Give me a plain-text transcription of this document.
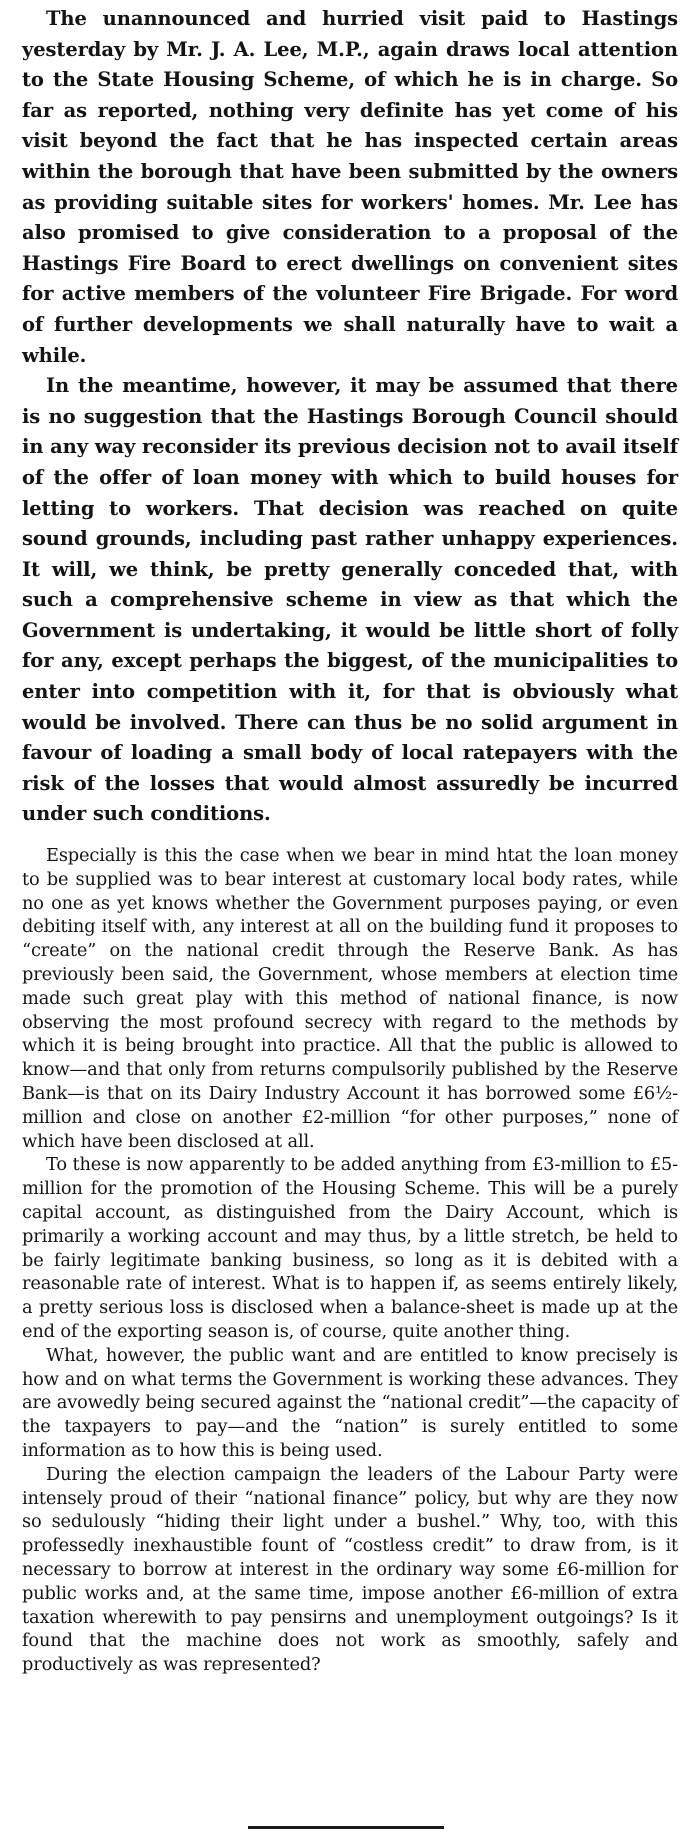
The unannounced and hurried visit paid to Hastings yesterday by Mr. J. A. Lee, M.P., again draws local attention to the State Housing Scheme, of which he is in charge. So far as reported, nothing very definite has yet come of his visit beyond the fact that he has inspected certain areas within the borough that have been submitted by the owners as providing suitable sites for workers' homes. Mr. Lee has also promised to give consideration to a proposal of the Hastings Fire Board to erect dwellings on convenient sites for active members of the volunteer Fire Brigade. For word of further developments we shall naturally have to wait a while.

In the meantime, however, it may be assumed that there is no suggestion that the Hastings Borough Council should in any way reconsider its previous decision not to avail itself of the offer of loan money with which to build houses for letting to workers. That decision was reached on quite sound grounds, including past rather unhappy experiences. It will, we think, be pretty generally conceded that, with such a comprehensive scheme in view as that which the Government is undertaking, it would be little short of folly for any, except perhaps the biggest, of the municipalities to enter into competition with it, for that is obviously what would be involved. There can thus be no solid argument in favour of loading a small body of local ratepayers with the risk of the losses that would almost assuredly be incurred under such conditions.

Especially is this the case when we bear in mind htat the loan money to be supplied was to bear interest at customary local body rates, while no one as yet knows whether the Government purposes paying, or even debiting itself with, any interest at all on the building fund it proposes to “create” on the national credit through the Reserve Bank. As has previously been said, the Government, whose members at election time made such great play with this method of national finance, is now observing the most profound secrecy with regard to the methods by which it is being brought into practice. All that the public is allowed to know—and that only from returns compulsorily published by the Reserve Bank—is that on its Dairy Industry Account it has borrowed some £6½-million and close on another £2-million “for other purposes,” none of which have been disclosed at all.

To these is now apparently to be added anything from £3-million to £5-million for the promotion of the Housing Scheme. This will be a purely capital account, as distinguished from the Dairy Account, which is primarily a working account and may thus, by a little stretch, be held to be fairly legitimate banking business, so long as it is debited with a reasonable rate of interest. What is to happen if, as seems entirely likely, a pretty serious loss is disclosed when a balance-sheet is made up at the end of the exporting season is, of course, quite another thing.

What, however, the public want and are entitled to know precisely is how and on what terms the Government is working these advances. They are avowedly being secured against the “national credit”—the capacity of the taxpayers to pay—and the “nation” is surely entitled to some information as to how this is being used.

During the election campaign the leaders of the Labour Party were intensely proud of their “national finance” policy, but why are they now so sedulously “hiding their light under a bushel.” Why, too, with this professedly inexhaustible fount of “costless credit” to draw from, is it necessary to borrow at interest in the ordinary way some £6-million for public works and, at the same time, impose another £6-million of extra taxation wherewith to pay pensirns and unemployment outgoings? Is it found that the machine does not work as smoothly, safely and productively as was represented?
